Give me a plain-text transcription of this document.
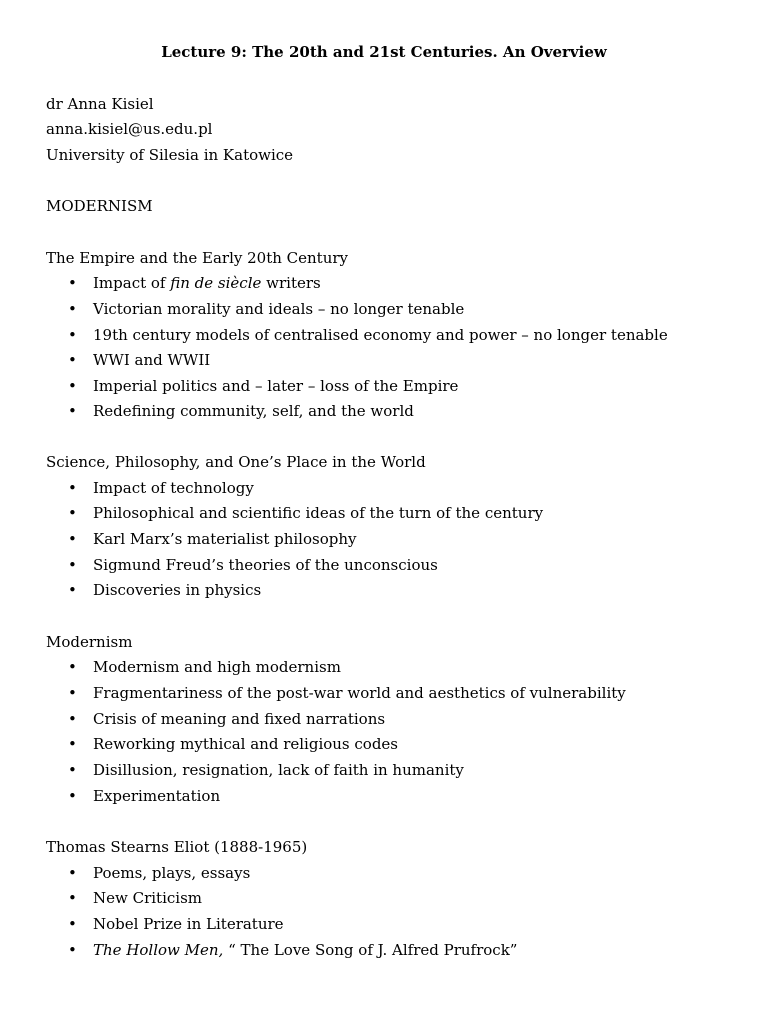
Lecture 9: The 20th and 21st Centuries. An Overview
dr Anna Kisiel
anna.kisiel@us.edu.pl
University of Silesia in Katowice
MODERNISM
The Empire and the Early 20th Century
• Impact of fin de siècle writers
• Victorian morality and ideals – no longer tenable
• 19th century models of centralised economy and power – no longer tenable
• WWI and WWII
• Imperial politics and – later – loss of the Empire
• Redefining community, self, and the world
Science, Philosophy, and One’s Place in the World
• Impact of technology
• Philosophical and scientific ideas of the turn of the century
• Karl Marx’s materialist philosophy
• Sigmund Freud’s theories of the unconscious
• Discoveries in physics
Modernism
• Modernism and high modernism
• Fragmentariness of the post-war world and aesthetics of vulnerability
• Crisis of meaning and fixed narrations
• Reworking mythical and religious codes
• Disillusion, resignation, lack of faith in humanity
• Experimentation
Thomas Stearns Eliot (1888-1965)
• Poems, plays, essays
• New Criticism
• Nobel Prize in Literature
• The Hollow Men, “ The Love Song of J. Alfred Prufrock”
